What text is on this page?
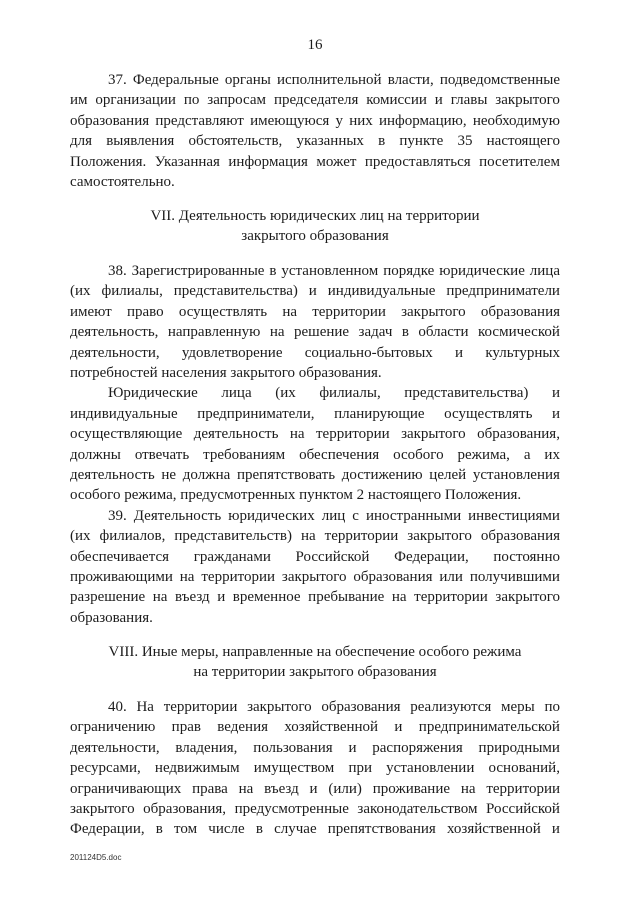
16
37. Федеральные органы исполнительной власти, подведомственные
им организации по запросам председателя комиссии и главы закрытого
образования представляют имеющуюся у них информацию, необходимую
для выявления обстоятельств, указанных в пункте 35 настоящего
Положения. Указанная информация может предоставляться посетителем
самостоятельно.
VII. Деятельность юридических лиц на территории
закрытого образования
38. Зарегистрированные в установленном порядке юридические лица
(их филиалы, представительства) и индивидуальные предприниматели
имеют право осуществлять на территории закрытого образования
деятельность, направленную на решение задач в области космической
деятельности, удовлетворение социально-бытовых и культурных
потребностей населения закрытого образования.
Юридические лица (их филиалы, представительства) и
индивидуальные предприниматели, планирующие осуществлять и
осуществляющие деятельность на территории закрытого образования,
должны отвечать требованиям обеспечения особого режима, а их
деятельность не должна препятствовать достижению целей установления
особого режима, предусмотренных пунктом 2 настоящего Положения.
39. Деятельность юридических лиц с иностранными инвестициями
(их филиалов, представительств) на территории закрытого образования
обеспечивается гражданами Российской Федерации, постоянно
проживающими на территории закрытого образования или получившими
разрешение на въезд и временное пребывание на территории закрытого
образования.
VIII. Иные меры, направленные на обеспечение особого режима
на территории закрытого образования
40. На территории закрытого образования реализуются меры по
ограничению прав ведения хозяйственной и предпринимательской
деятельности, владения, пользования и распоряжения природными
ресурсами, недвижимым имуществом при установлении оснований,
ограничивающих права на въезд и (или) проживание на территории
закрытого образования, предусмотренные законодательством Российской
Федерации, в том числе в случае препятствования хозяйственной и
201124D5.doc
